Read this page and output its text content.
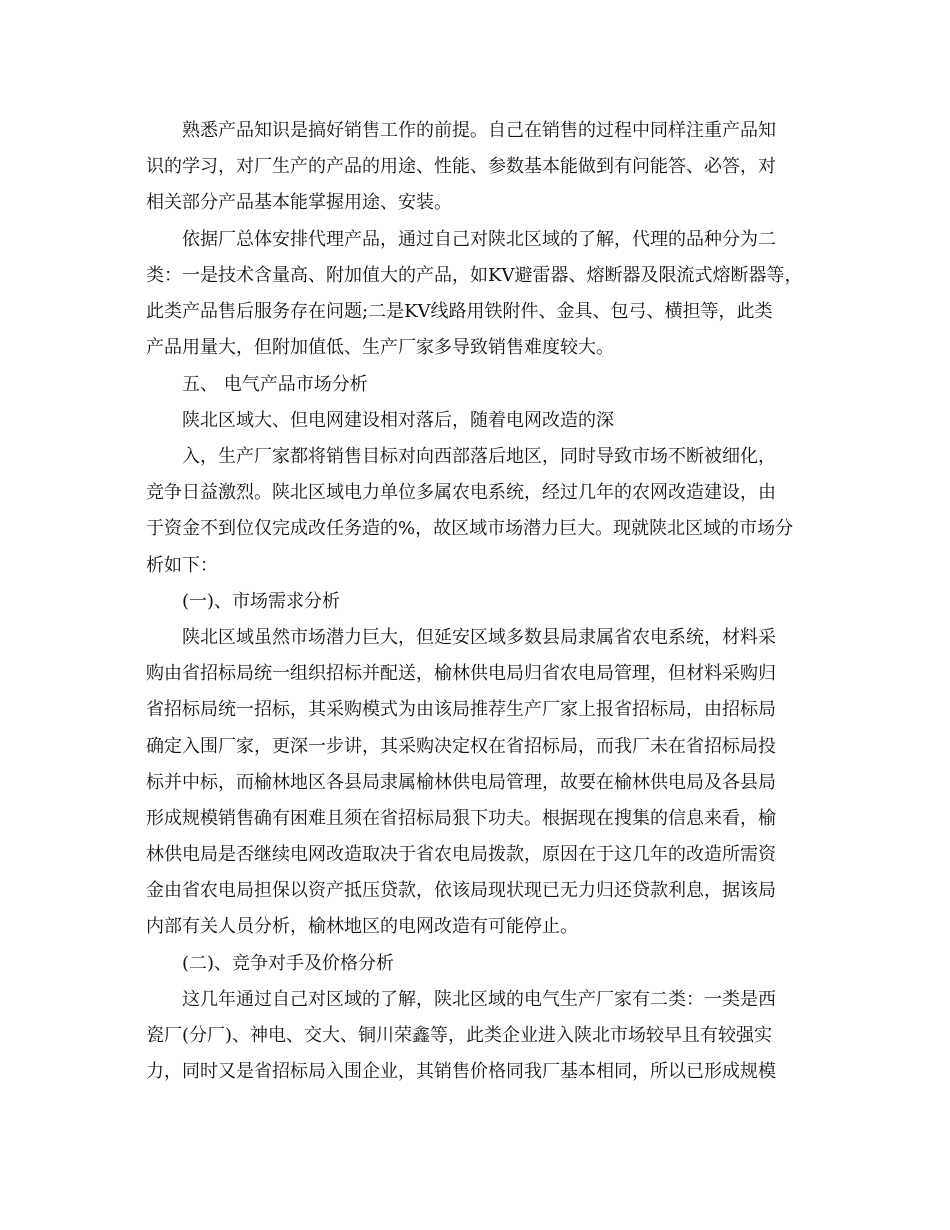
熟悉产品知识是搞好销售工作的前提。自己在销售的过程中同样注重产品知
识的学习，对厂生产的产品的用途、性能、参数基本能做到有问能答、必答，对
相关部分产品基本能掌握用途、安装。
依据厂总体安排代理产品，通过自己对陕北区域的了解，代理的品种分为二
类：一是技术含量高、附加值大的产品，如KV避雷器、熔断器及限流式熔断器等，
此类产品售后服务存在问题;二是KV线路用铁附件、金具、包弓、横担等，此类
产品用量大，但附加值低、生产厂家多导致销售难度较大。
五、 电气产品市场分析
陕北区域大、但电网建设相对落后，随着电网改造的深
入，生产厂家都将销售目标对向西部落后地区，同时导致市场不断被细化，
竞争日益激烈。陕北区域电力单位多属农电系统，经过几年的农网改造建设，由
于资金不到位仅完成改任务造的%，故区域市场潜力巨大。现就陕北区域的市场分
析如下：
(一)、市场需求分析
陕北区域虽然市场潜力巨大，但延安区域多数县局隶属省农电系统，材料采
购由省招标局统一组织招标并配送，榆林供电局归省农电局管理，但材料采购归
省招标局统一招标，其采购模式为由该局推荐生产厂家上报省招标局，由招标局
确定入围厂家，更深一步讲，其采购决定权在省招标局，而我厂未在省招标局投
标并中标，而榆林地区各县局隶属榆林供电局管理，故要在榆林供电局及各县局
形成规模销售确有困难且须在省招标局狠下功夫。根据现在搜集的信息来看，榆
林供电局是否继续电网改造取决于省农电局拨款，原因在于这几年的改造所需资
金由省农电局担保以资产抵压贷款，依该局现状现已无力归还贷款利息，据该局
内部有关人员分析，榆林地区的电网改造有可能停止。
(二)、竞争对手及价格分析
这几年通过自己对区域的了解，陕北区域的电气生产厂家有二类：一类是西
瓷厂(分厂)、神电、交大、铜川荣鑫等，此类企业进入陕北市场较早且有较强实
力，同时又是省招标局入围企业，其销售价格同我厂基本相同，所以已形成规模
